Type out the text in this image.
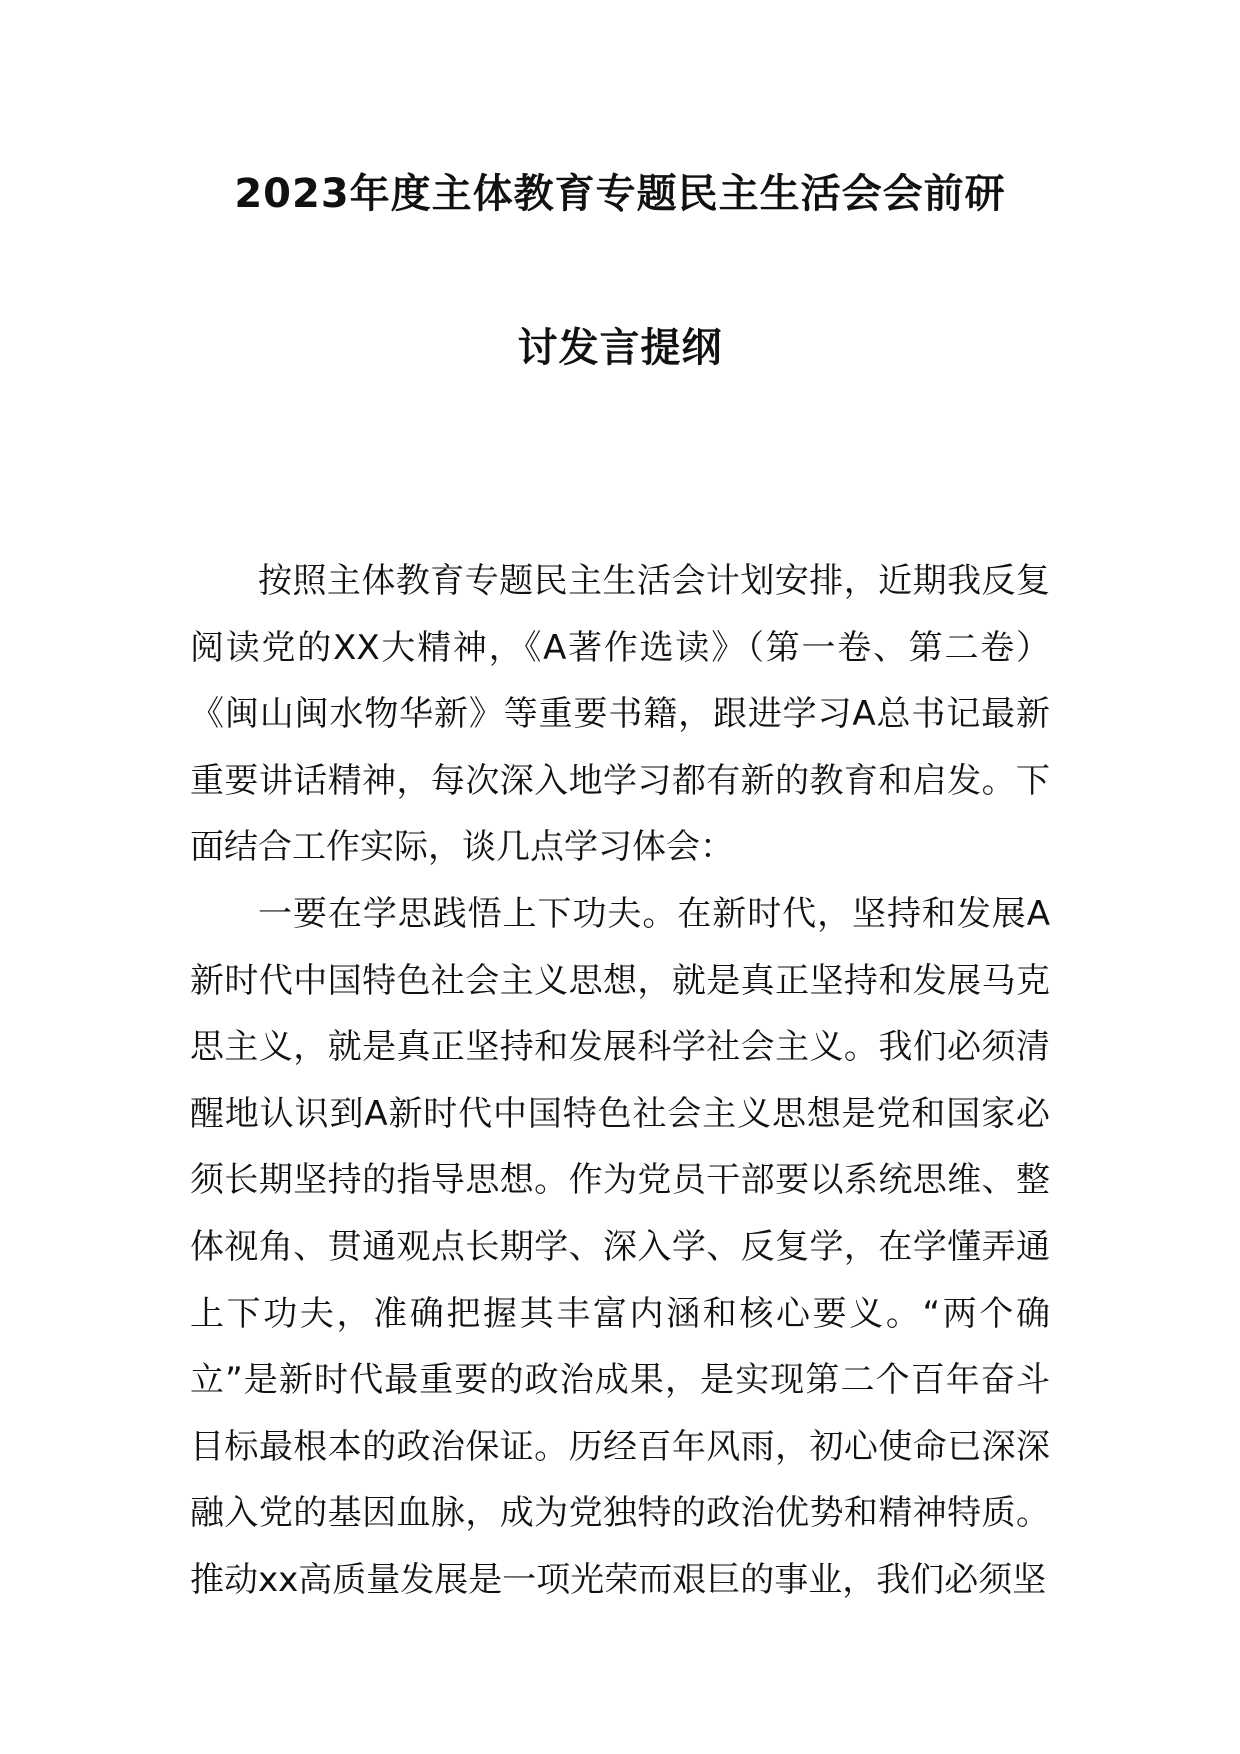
2023年度主体教育专题民主生活会会前研
讨发言提纲

按照主体教育专题民主生活会计划安排，近期我反复阅读党的XX大精神，《A著作选读》（第一卷、第二卷）《闽山闽水物华新》等重要书籍，跟进学习A总书记最新重要讲话精神，每次深入地学习都有新的教育和启发。下面结合工作实际，谈几点学习体会：

一要在学思践悟上下功夫。在新时代，坚持和发展A新时代中国特色社会主义思想，就是真正坚持和发展马克思主义，就是真正坚持和发展科学社会主义。我们必须清醒地认识到A新时代中国特色社会主义思想是党和国家必须长期坚持的指导思想。作为党员干部要以系统思维、整体视角、贯通观点长期学、深入学、反复学，在学懂弄通上下功夫，准确把握其丰富内涵和核心要义。“两个确立”是新时代最重要的政治成果，是实现第二个百年奋斗目标最根本的政治保证。历经百年风雨，初心使命已深深融入党的基因血脉，成为党独特的政治优势和精神特质。推动xx高质量发展是一项光荣而艰巨的事业，我们必须坚
